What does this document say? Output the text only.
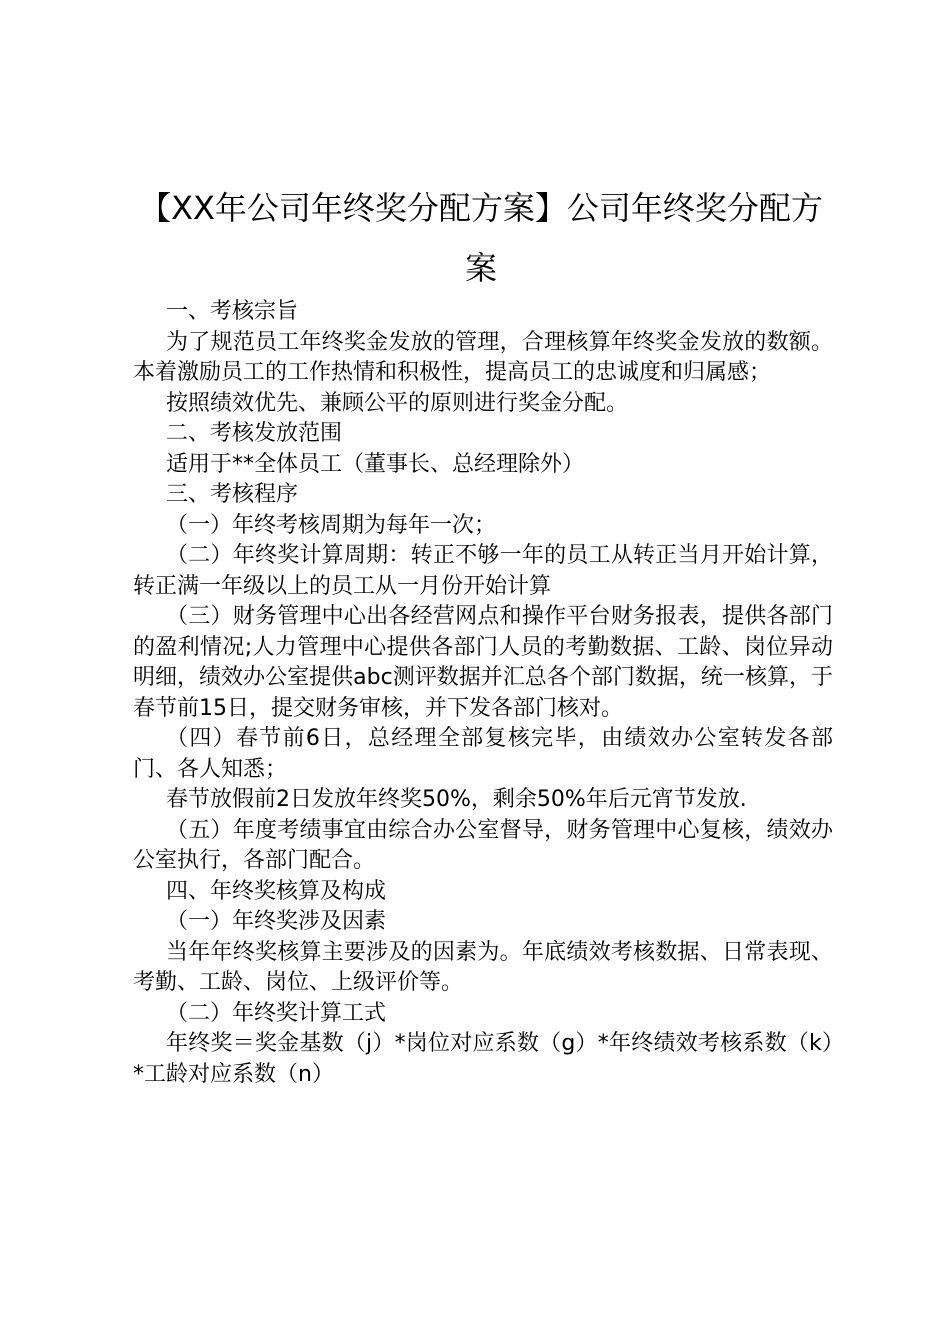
【XX年公司年终奖分配方案】公司年终奖分配方案

一、考核宗旨

为了规范员工年终奖金发放的管理，合理核算年终奖金发放的数额。本着激励员工的工作热情和积极性，提高员工的忠诚度和归属感；

按照绩效优先、兼顾公平的原则进行奖金分配。

二、考核发放范围

适用于**全体员工（董事长、总经理除外）

三、考核程序

（一）年终考核周期为每年一次；

（二）年终奖计算周期：转正不够一年的员工从转正当月开始计算，转正满一年级以上的员工从一月份开始计算

（三）财务管理中心出各经营网点和操作平台财务报表，提供各部门的盈利情况;人力管理中心提供各部门人员的考勤数据、工龄、岗位异动明细，绩效办公室提供abc测评数据并汇总各个部门数据，统一核算，于春节前15日，提交财务审核，并下发各部门核对。

（四）春节前6日，总经理全部复核完毕，由绩效办公室转发各部门、各人知悉；

春节放假前2日发放年终奖50%，剩余50%年后元宵节发放.

（五）年度考绩事宜由综合办公室督导，财务管理中心复核，绩效办公室执行，各部门配合。

四、年终奖核算及构成

（一）年终奖涉及因素

当年年终奖核算主要涉及的因素为。年底绩效考核数据、日常表现、考勤、工龄、岗位、上级评价等。

（二）年终奖计算工式

年终奖＝奖金基数（j）*岗位对应系数（g）*年终绩效考核系数（k）*工龄对应系数（n）
